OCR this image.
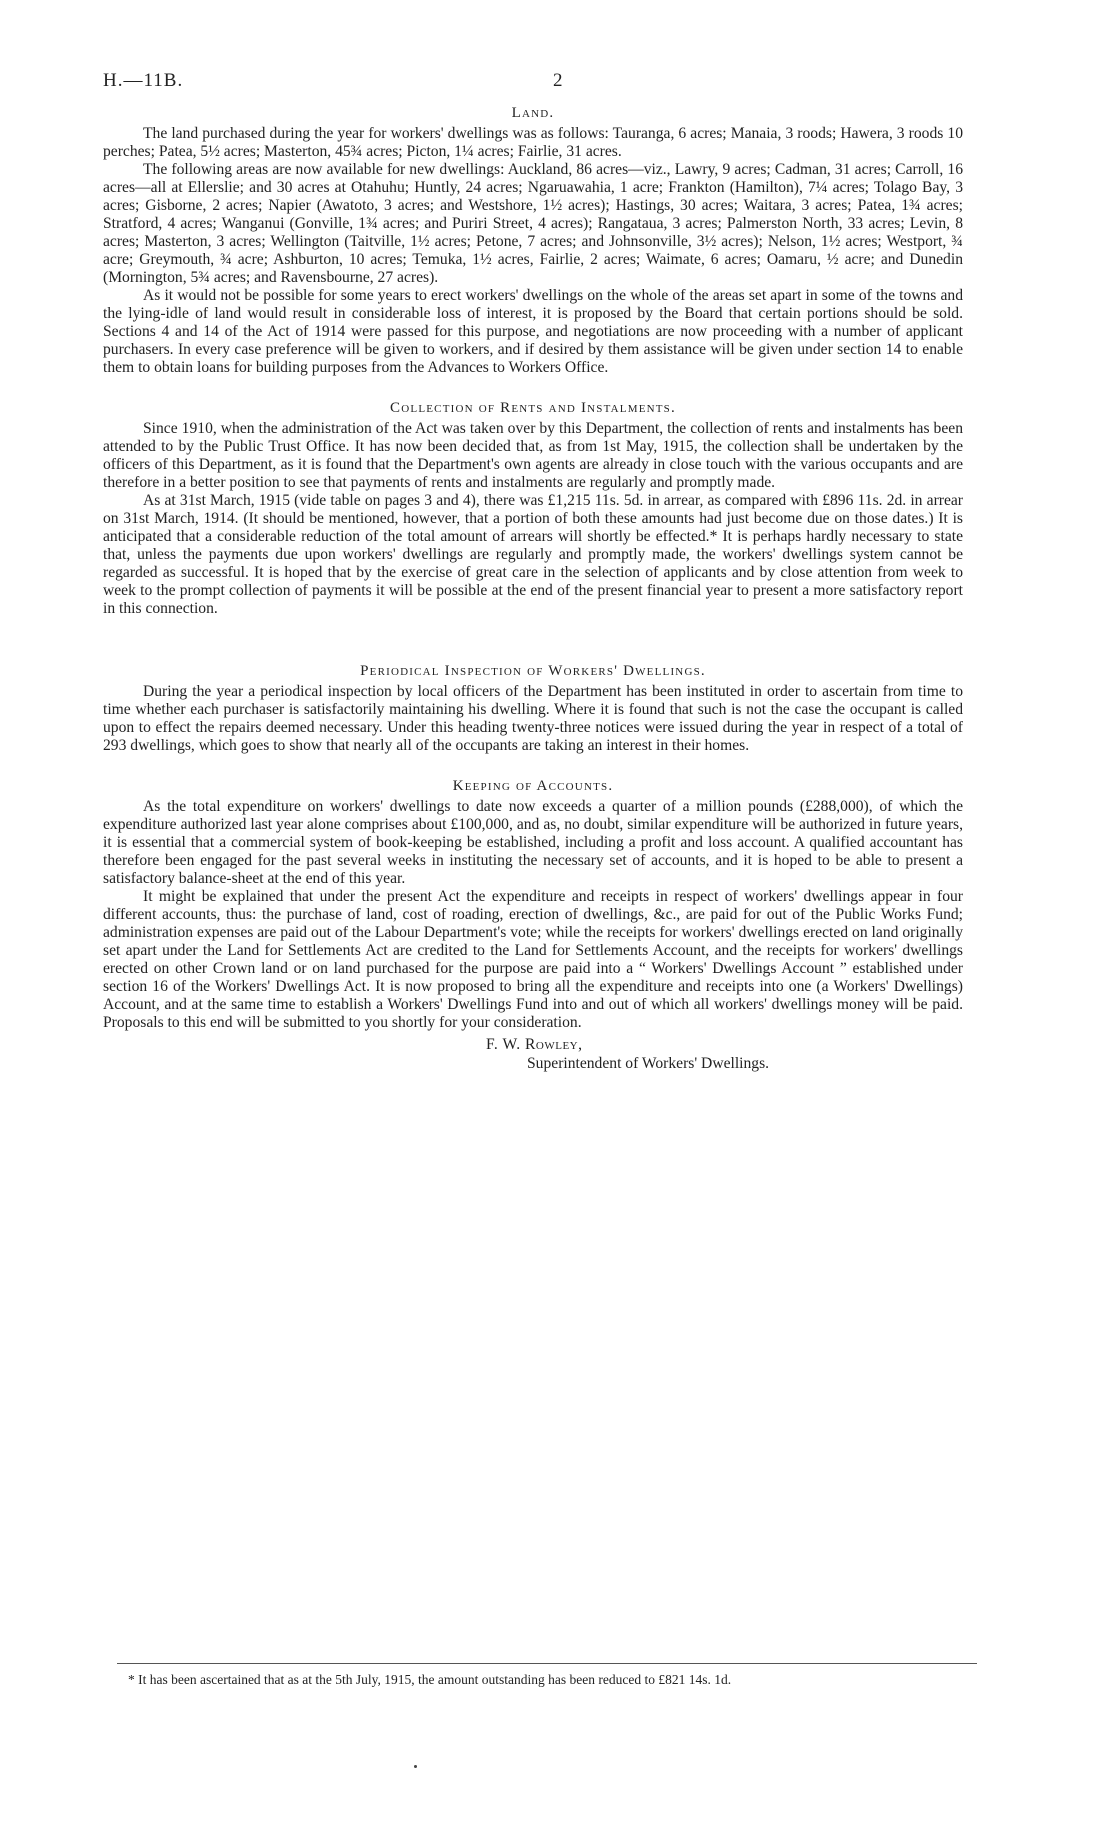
H.—11B.	2
Land.

The land purchased during the year for workers' dwellings was as follows: Tauranga, 6 acres; Manaia, 3 roods; Hawera, 3 roods 10 perches; Patea, 5½ acres; Masterton, 45¾ acres; Picton, 1¼ acres; Fairlie, 31 acres.

The following areas are now available for new dwellings: Auckland, 86 acres—viz., Lawry, 9 acres; Cadman, 31 acres; Carroll, 16 acres—all at Ellerslie; and 30 acres at Otahuhu; Huntly, 24 acres; Ngaruawahia, 1 acre; Frankton (Hamilton), 7¼ acres; Tolago Bay, 3 acres; Gisborne, 2 acres; Napier (Awatoto, 3 acres; and Westshore, 1½ acres); Hastings, 30 acres; Waitara, 3 acres; Patea, 1¾ acres; Stratford, 4 acres; Wanganui (Gonville, 1¾ acres; and Puriri Street, 4 acres); Rangataua, 3 acres; Palmerston North, 33 acres; Levin, 8 acres; Masterton, 3 acres; Wellington (Taitville, 1½ acres; Petone, 7 acres; and Johnsonville, 3½ acres); Nelson, 1½ acres; Westport, ¾ acre; Greymouth, ¾ acre; Ashburton, 10 acres; Temuka, 1½ acres, Fairlie, 2 acres; Waimate, 6 acres; Oamaru, ½ acre; and Dunedin (Mornington, 5¾ acres; and Ravensbourne, 27 acres).

As it would not be possible for some years to erect workers' dwellings on the whole of the areas set apart in some of the towns and the lying-idle of land would result in considerable loss of interest, it is proposed by the Board that certain portions should be sold. Sections 4 and 14 of the Act of 1914 were passed for this purpose, and negotiations are now proceeding with a number of applicant purchasers. In every case preference will be given to workers, and if desired by them assistance will be given under section 14 to enable them to obtain loans for building purposes from the Advances to Workers Office.

Collection of Rents and Instalments.

Since 1910, when the administration of the Act was taken over by this Department, the collection of rents and instalments has been attended to by the Public Trust Office. It has now been decided that, as from 1st May, 1915, the collection shall be undertaken by the officers of this Department, as it is found that the Department's own agents are already in close touch with the various occupants and are therefore in a better position to see that payments of rents and instalments are regularly and promptly made.

As at 31st March, 1915 (vide table on pages 3 and 4), there was £1,215 11s. 5d. in arrear, as compared with £896 11s. 2d. in arrear on 31st March, 1914. (It should be mentioned, however, that a portion of both these amounts had just become due on those dates.) It is anticipated that a considerable reduction of the total amount of arrears will shortly be effected.* It is perhaps hardly necessary to state that, unless the payments due upon workers' dwellings are regularly and promptly made, the workers' dwellings system cannot be regarded as successful. It is hoped that by the exercise of great care in the selection of applicants and by close attention from week to week to the prompt collection of payments it will be possible at the end of the present financial year to present a more satisfactory report in this connection.

Periodical Inspection of Workers' Dwellings.

During the year a periodical inspection by local officers of the Department has been instituted in order to ascertain from time to time whether each purchaser is satisfactorily maintaining his dwelling. Where it is found that such is not the case the occupant is called upon to effect the repairs deemed necessary. Under this heading twenty-three notices were issued during the year in respect of a total of 293 dwellings, which goes to show that nearly all of the occupants are taking an interest in their homes.

Keeping of Accounts.

As the total expenditure on workers' dwellings to date now exceeds a quarter of a million pounds (£288,000), of which the expenditure authorized last year alone comprises about £100,000, and as, no doubt, similar expenditure will be authorized in future years, it is essential that a commercial system of book-keeping be established, including a profit and loss account. A qualified accountant has therefore been engaged for the past several weeks in instituting the necessary set of accounts, and it is hoped to be able to present a satisfactory balance-sheet at the end of this year.

It might be explained that under the present Act the expenditure and receipts in respect of workers' dwellings appear in four different accounts, thus: the purchase of land, cost of roading, erection of dwellings, &c., are paid for out of the Public Works Fund; administration expenses are paid out of the Labour Department's vote; while the receipts for workers' dwellings erected on land originally set apart under the Land for Settlements Act are credited to the Land for Settlements Account, and the receipts for workers' dwellings erected on other Crown land or on land purchased for the purpose are paid into a “ Workers' Dwellings Account ” established under section 16 of the Workers' Dwellings Act. It is now proposed to bring all the expenditure and receipts into one (a Workers' Dwellings) Account, and at the same time to establish a Workers' Dwellings Fund into and out of which all workers' dwellings money will be paid. Proposals to this end will be submitted to you shortly for your consideration.

F. W. Rowley,
Superintendent of Workers' Dwellings.
* It has been ascertained that as at the 5th July, 1915, the amount outstanding has been reduced to £821 14s. 1d.
